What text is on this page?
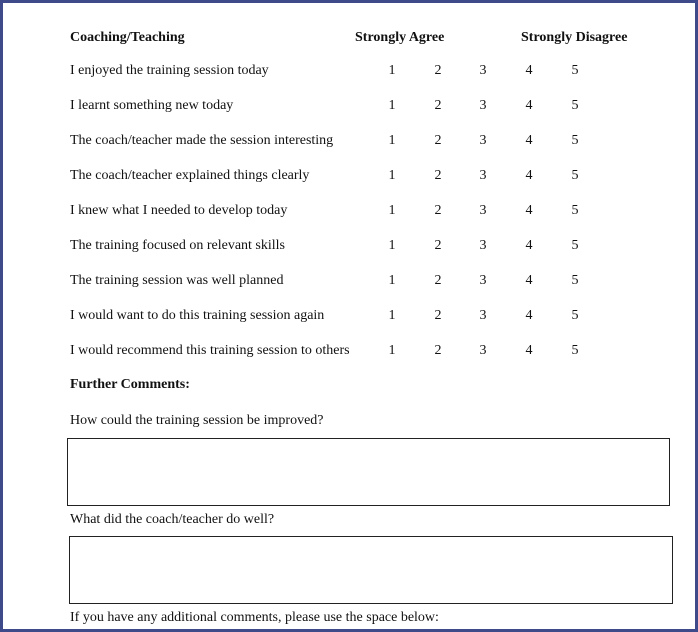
Coaching/Teaching	Strongly Agree	Strongly Disagree
I enjoyed the training session today	1	2	3	4	5
I learnt something new today	1	2	3	4	5
The coach/teacher made the session interesting	1	2	3	4	5
The coach/teacher explained things clearly	1	2	3	4	5
I knew what I needed to develop today	1	2	3	4	5
The training focused on relevant skills	1	2	3	4	5
The training session was well planned	1	2	3	4	5
I would want to do this training session again	1	2	3	4	5
I would recommend this training session to others	1	2	3	4	5
Further Comments:
How could the training session be improved?
What did the coach/teacher do well?
If you have any additional comments, please use the space below:
